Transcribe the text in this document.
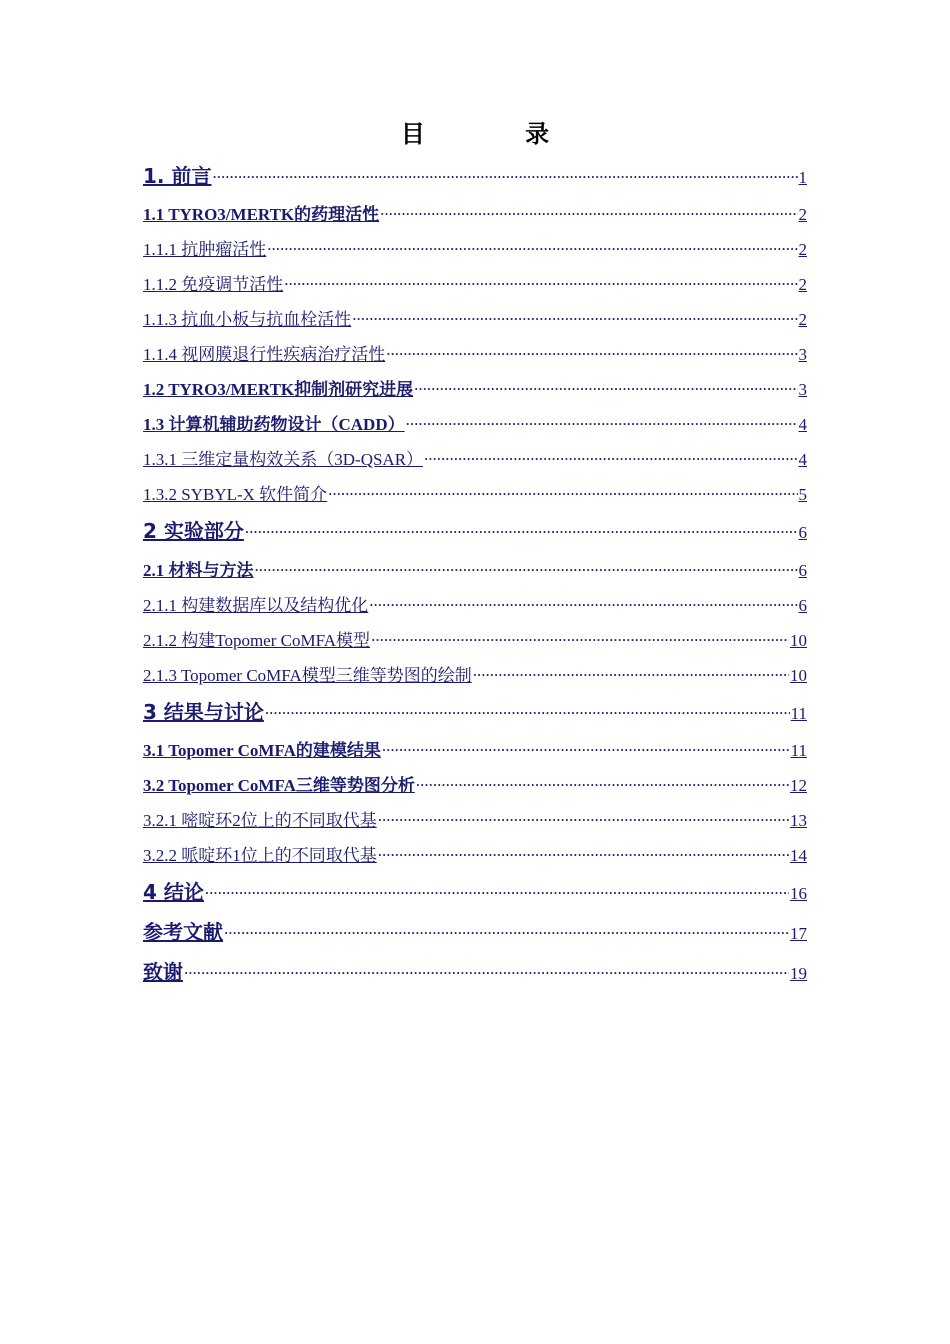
目 录
1. 前言 .....	1
1.1 TYRO3/MERTK的药理活性 .....	2
1.1.1 抗肿瘤活性 .....	2
1.1.2 免疫调节活性 .....	2
1.1.3 抗血小板与抗血栓活性 .....	2
1.1.4 视网膜退行性疾病治疗活性 .....	3
1.2 TYRO3/MERTK抑制剂研究进展 .....	3
1.3 计算机辅助药物设计（CADD） .....	4
1.3.1 三维定量构效关系（3D-QSAR） .....	4
1.3.2 SYBYL-X 软件简介 .....	5
2 实验部分 .....	6
2.1 材料与方法 .....	6
2.1.1 构建数据库以及结构优化 .....	6
2.1.2 构建Topomer CoMFA模型 .....	10
2.1.3 Topomer CoMFA模型三维等势图的绘制 .....	10
3 结果与讨论 .....	11
3.1 Topomer CoMFA的建模结果 .....	11
3.2 Topomer CoMFA三维等势图分析 .....	12
3.2.1 嘧啶环2位上的不同取代基 .....	13
3.2.2 哌啶环1位上的不同取代基 .....	14
4 结论 .....	16
参考文献 .....	17
致谢 .....	19
